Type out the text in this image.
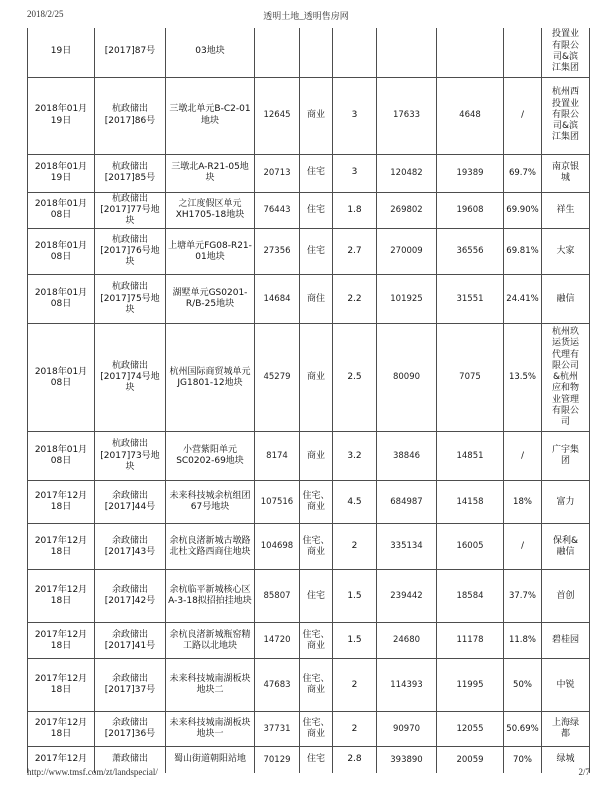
2018/2/25	透明土地_透明售房网
19日	[2017]87号	03地块							投置业有限公司&滨江集团
2018年01月19日	杭政储出[2017]86号	三墩北单元B-C2-01地块	12645	商业	3	17633	4648	/	杭州西投置业有限公司&滨江集团
2018年01月19日	杭政储出[2017]85号	三墩北A-R21-05地块	20713	住宅	3	120482	19389	69.7%	南京银城
2018年01月08日	杭政储出[2017]77号地块	之江度假区单元XH1705-18地块	76443	住宅	1.8	269802	19608	69.90%	祥生
2018年01月08日	杭政储出[2017]76号地块	上塘单元FG08-R21-01地块	27356	住宅	2.7	270009	36556	69.81%	大家
2018年01月08日	杭政储出[2017]75号地块	湖墅单元GS0201-R/B-25地块	14684	商住	2.2	101925	31551	24.41%	融信
2018年01月08日	杭政储出[2017]74号地块	杭州国际商贸城单元JG1801-12地块	45279	商业	2.5	80090	7075	13.5%	杭州玖运货运代理有限公司&杭州应和物业管理有限公司
2018年01月08日	杭政储出[2017]73号地块	小营紫阳单元SC0202-69地块	8174	商业	3.2	38846	14851	/	广宇集团
2017年12月18日	余政储出[2017]44号	未来科技城余杭组团67号地块	107516	住宅、商业	4.5	684987	14158	18%	富力
2017年12月18日	余政储出[2017]43号	余杭良渚新城古墩路北杜文路西商住地块	104698	住宅、商业	2	335134	16005	/	保利&融信
2017年12月18日	余政储出[2017]42号	余杭临平新城核心区A-3-18拟招拍挂地块	85807	住宅	1.5	239442	18584	37.7%	首创
2017年12月18日	余政储出[2017]41号	余杭良渚新城瓶窑精工路以北地块	14720	住宅、商业	1.5	24680	11178	11.8%	碧桂园
2017年12月18日	余政储出[2017]37号	未来科技城南湖板块地块二	47683	住宅、商业	2	114393	11995	50%	中锐
2017年12月18日	余政储出[2017]36号	未来科技城南湖板块地块一	37731	住宅、商业	2	90970	12055	50.69%	上海绿都
2017年12月	萧政储出	蜀山街道朝阳站地	70129	住宅	2.8	393890	20059	70%	绿城
http://www.tmsf.com/zt/landspecial/	2/7
